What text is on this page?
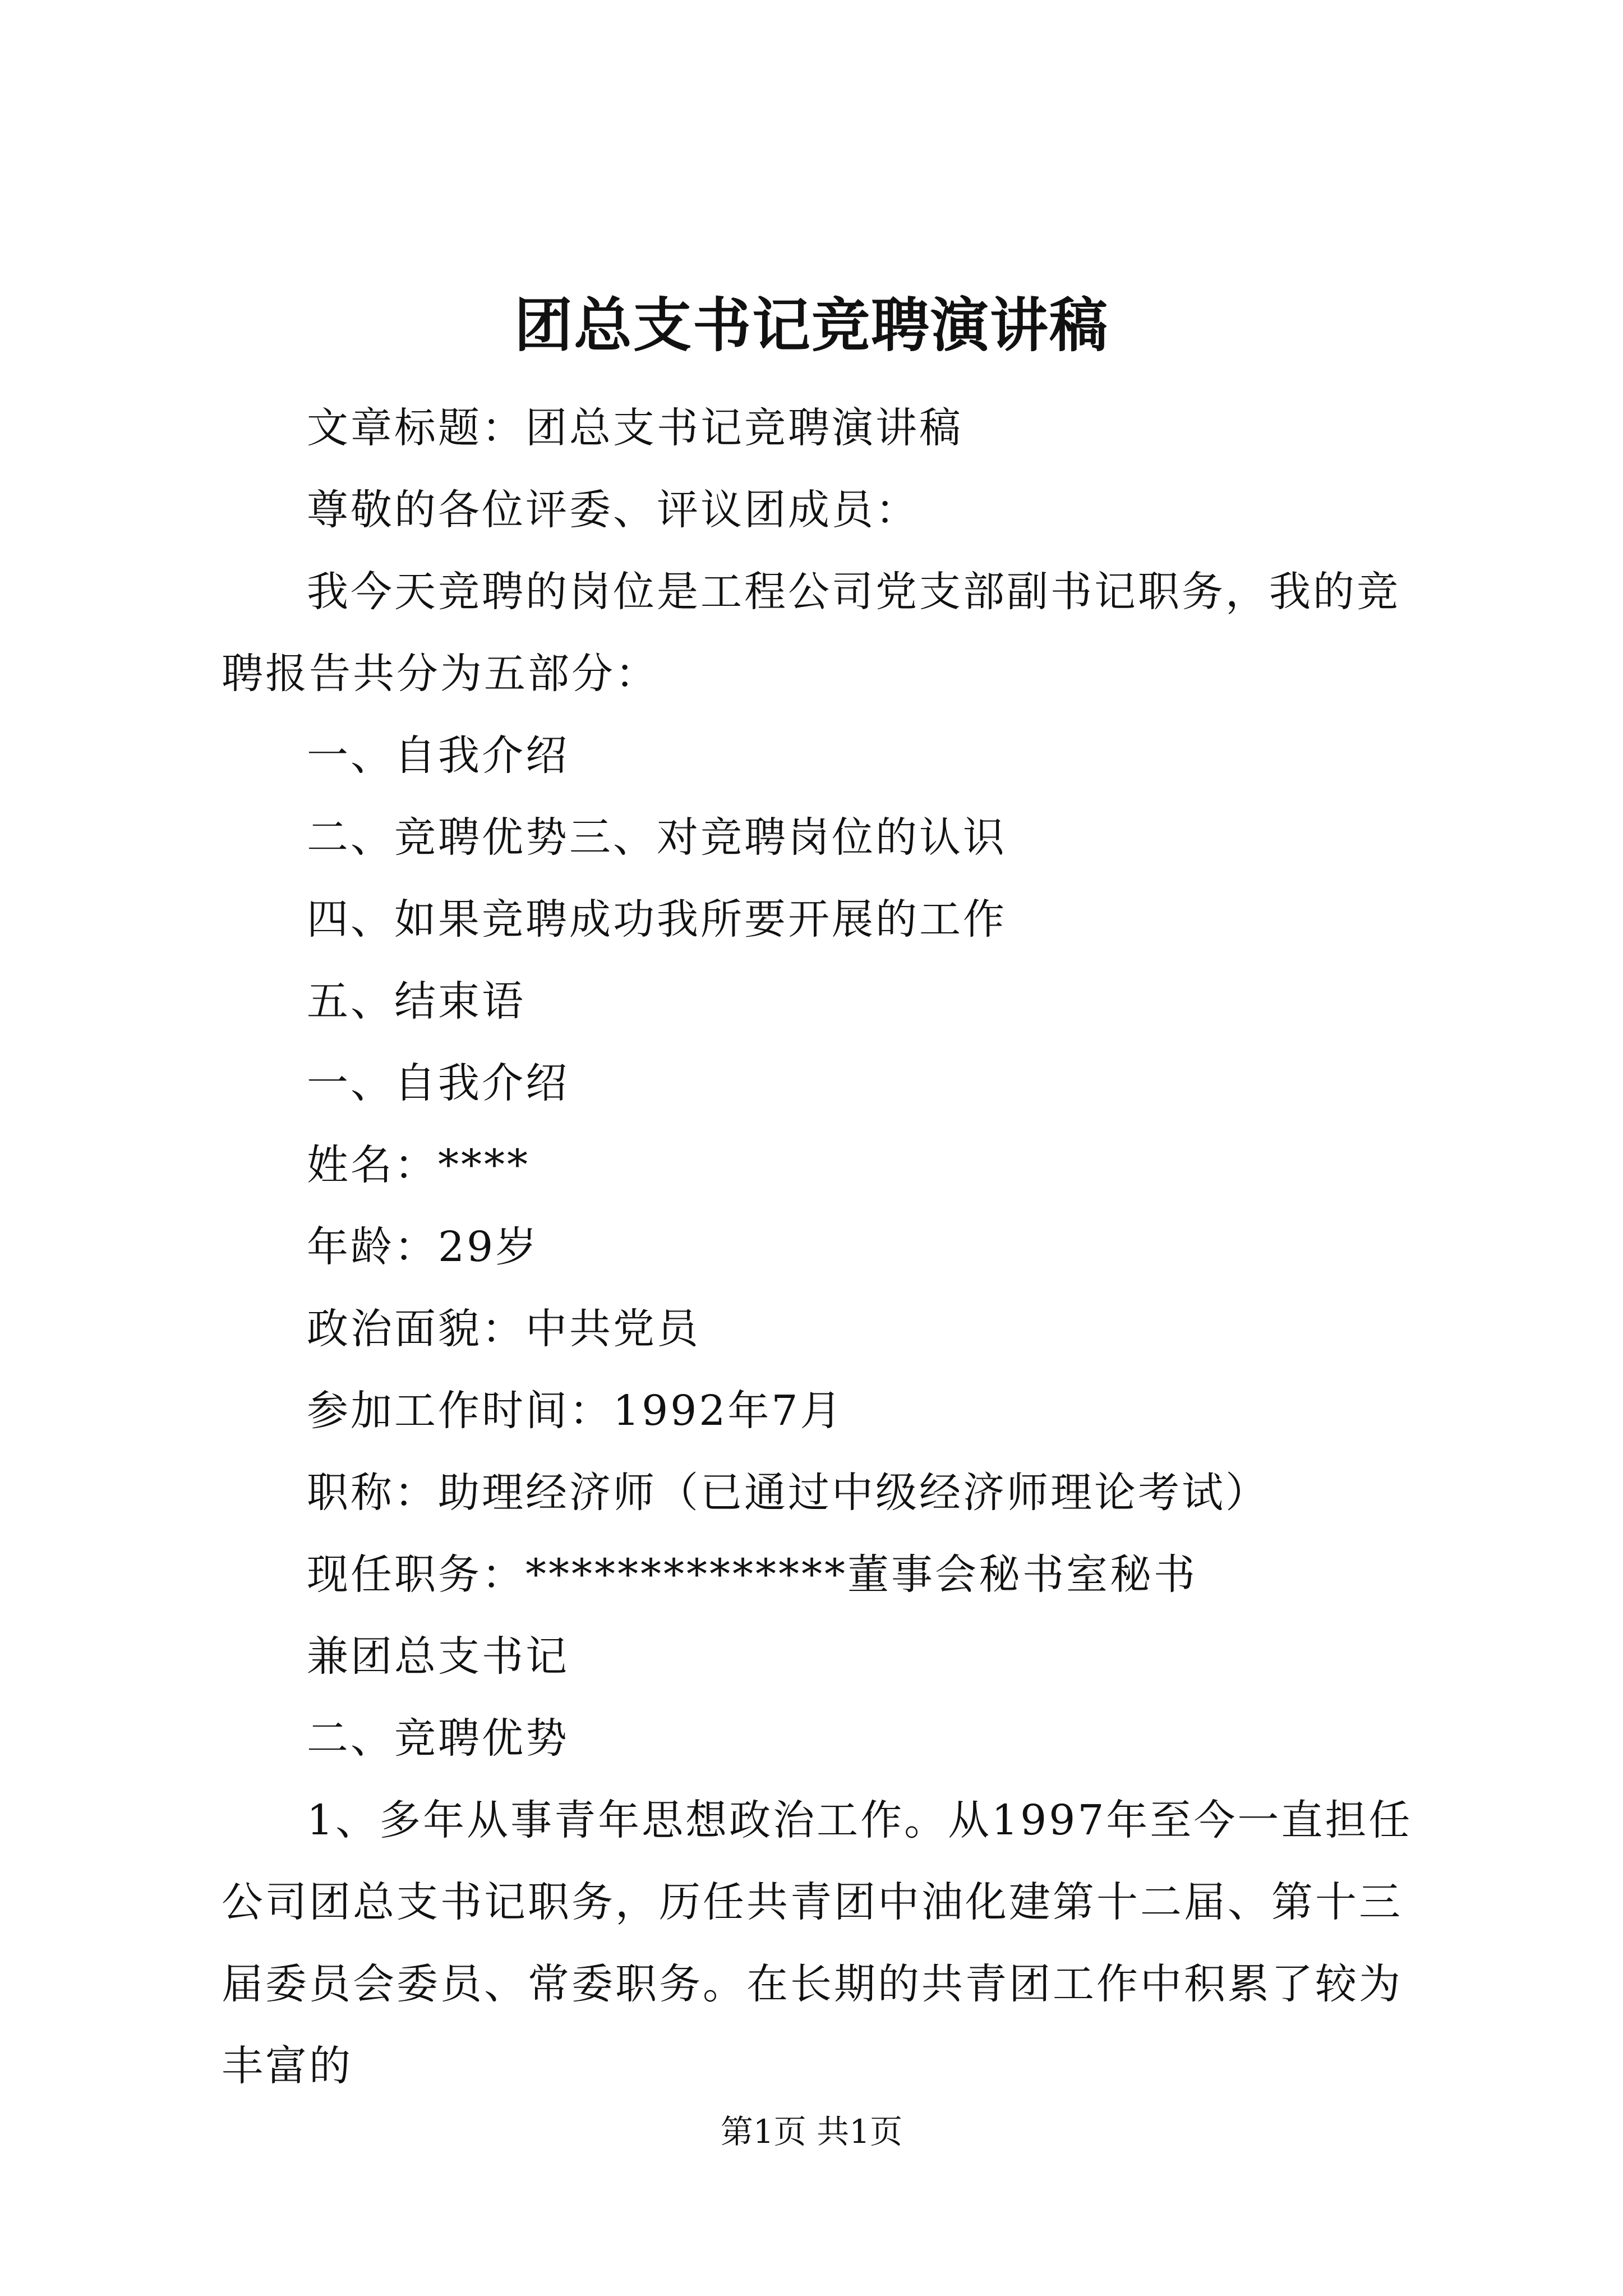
团总支书记竞聘演讲稿

文章标题：团总支书记竞聘演讲稿

尊敬的各位评委、评议团成员：

我今天竞聘的岗位是工程公司党支部副书记职务，我的竞聘报告共分为五部分：

一、自我介绍

二、竞聘优势三、对竞聘岗位的认识

四、如果竞聘成功我所要开展的工作

五、结束语

一、自我介绍

姓名：****

年龄：29岁

政治面貌：中共党员

参加工作时间：1992年7月

职称：助理经济师（已通过中级经济师理论考试）

现任职务：**************董事会秘书室秘书

兼团总支书记

二、竞聘优势

1、多年从事青年思想政治工作。从1997年至今一直担任公司团总支书记职务，历任共青团中油化建第十二届、第十三届委员会委员、常委职务。在长期的共青团工作中积累了较为丰富的

第1页 共1页
